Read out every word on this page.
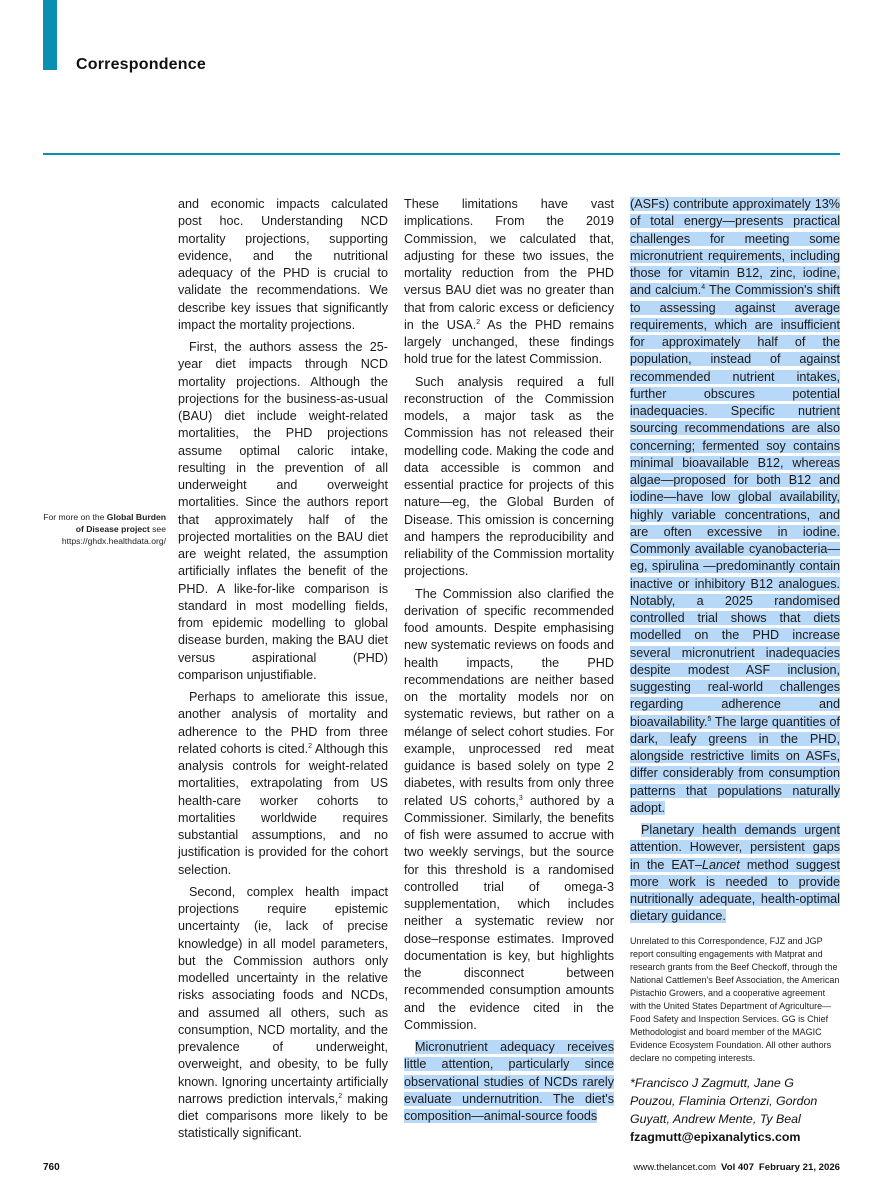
Correspondence
For more on the Global Burden of Disease project see https://ghdx.healthdata.org/

and economic impacts calculated post hoc. Understanding NCD mortality projections, supporting evidence, and the nutritional adequacy of the PHD is crucial to validate the recommendations. We describe key issues that significantly impact the mortality projections.

First, the authors assess the 25-year diet impacts through NCD mortality projections. Although the projections for the business-as-usual (BAU) diet include weight-related mortalities, the PHD projections assume optimal caloric intake, resulting in the prevention of all underweight and overweight mortalities. Since the authors report that approximately half of the projected mortalities on the BAU diet are weight related, the assumption artificially inflates the benefit of the PHD. A like-for-like comparison is standard in most modelling fields, from epidemic modelling to global disease burden, making the BAU diet versus aspirational (PHD) comparison unjustifiable.

Perhaps to ameliorate this issue, another analysis of mortality and adherence to the PHD from three related cohorts is cited.$^2$ Although this analysis controls for weight-related mortalities, extrapolating from US health-care worker cohorts to mortalities worldwide requires substantial assumptions, and no justification is provided for the cohort selection.

Second, complex health impact projections require epistemic uncertainty (ie, lack of precise knowledge) in all model parameters, but the Commission authors only modelled uncertainty in the relative risks associating foods and NCDs, and assumed all others, such as consumption, NCD mortality, and the prevalence of underweight, overweight, and obesity, to be fully known. Ignoring uncertainty artificially narrows prediction intervals,$^2$ making diet comparisons more likely to be statistically significant.

These limitations have vast implications. From the 2019 Commission, we calculated that, adjusting for these two issues, the mortality reduction from the PHD versus BAU diet was no greater than that from caloric excess or deficiency in the USA.$^2$ As the PHD remains largely unchanged, these findings hold true for the latest Commission.

Such analysis required a full reconstruction of the Commission models, a major task as the Commission has not released their modelling code. Making the code and data accessible is common and essential practice for projects of this nature—eg, the Global Burden of Disease. This omission is concerning and hampers the reproducibility and reliability of the Commission mortality projections.

The Commission also clarified the derivation of specific recommended food amounts. Despite emphasising new systematic reviews on foods and health impacts, the PHD recommendations are neither based on the mortality models nor on systematic reviews, but rather on a mélange of select cohort studies. For example, unprocessed red meat guidance is based solely on type 2 diabetes, with results from only three related US cohorts,$^3$ authored by a Commissioner. Similarly, the benefits of fish were assumed to accrue with two weekly servings, but the source for this threshold is a randomised controlled trial of omega-3 supplementation, which includes neither a systematic review nor dose–response estimates. Improved documentation is key, but highlights the disconnect between recommended consumption amounts and the evidence cited in the Commission.

Micronutrient adequacy receives little attention, particularly since observational studies of NCDs rarely evaluate undernutrition. The diet's composition—animal-source foods

(ASFs) contribute approximately 13% of total energy—presents practical challenges for meeting some micronutrient requirements, including those for vitamin B12, zinc, iodine, and calcium.$^4$ The Commission's shift to assessing against average requirements, which are insufficient for approximately half of the population, instead of against recommended nutrient intakes, further obscures potential inadequacies. Specific nutrient sourcing recommendations are also concerning; fermented soy contains minimal bioavailable B12, whereas algae—proposed for both B12 and iodine—have low global availability, highly variable concentrations, and are often excessive in iodine. Commonly available cyanobacteria—eg, spirulina —predominantly contain inactive or inhibitory B12 analogues. Notably, a 2025 randomised controlled trial shows that diets modelled on the PHD increase several micronutrient inadequacies despite modest ASF inclusion, suggesting real-world challenges regarding adherence and bioavailability.$^5$ The large quantities of dark, leafy greens in the PHD, alongside restrictive limits on ASFs, differ considerably from consumption patterns that populations naturally adopt.

Planetary health demands urgent attention. However, persistent gaps in the EAT–Lancet method suggest more work is needed to provide nutritionally adequate, health-optimal dietary guidance.

Unrelated to this Correspondence, FJZ and JGP report consulting engagements with Matprat and research grants from the Beef Checkoff, through the National Cattlemen's Beef Association, the American Pistachio Growers, and a cooperative agreement with the United States Department of Agriculture—Food Safety and Inspection Services. GG is Chief Methodologist and board member of the MAGIC Evidence Ecosystem Foundation. All other authors declare no competing interests.

*Francisco J Zagmutt, Jane G Pouzou, Flaminia Ortenzi, Gordon Guyatt, Andrew Mente, Ty Beal

fzagmutt@epixanalytics.com

760	www.thelancet.com Vol 407 February 21, 2026
